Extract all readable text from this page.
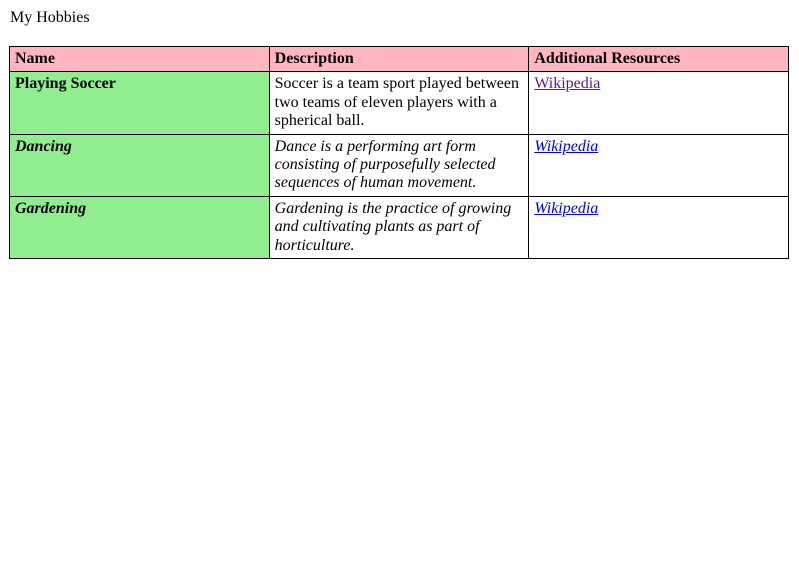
My Hobbies

Name	Description	Additional Resources
Playing Soccer	Soccer is a team sport played between two teams of eleven players with a spherical ball.	Wikipedia
Dancing	Dance is a performing art form consisting of purposefully selected sequences of human movement.	Wikipedia
Gardening	Gardening is the practice of growing and cultivating plants as part of horticulture.	Wikipedia
